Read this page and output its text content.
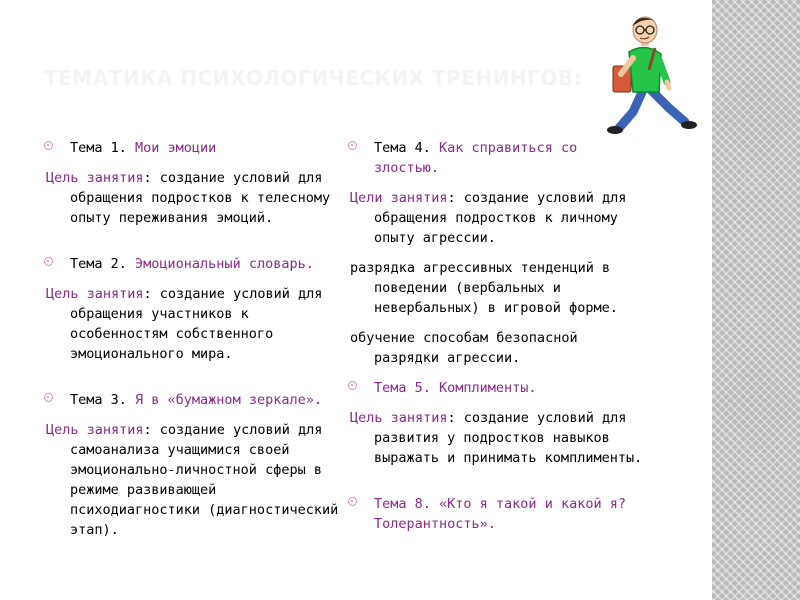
ТЕМАТИКА ПСИХОЛОГИЧЕСКИХ ТРЕНИНГОВ:

Тема 1. Мои эмоции

Цель занятия: создание условий для обращения подростков к телесному опыту переживания эмоций.

Тема 2. Эмоциональный словарь.

Цель занятия: создание условий для обращения участников к особенностям собственного эмоционального мира.

Тема 3. Я в «бумажном зеркале».

Цель занятия: создание условий для самоанализа учащимися своей эмоционально-личностной сферы в режиме развивающей психодиагностики (диагностический этап).

Тема 4. Как справиться со злостью.

Цели занятия: создание условий для обращения подростков к личному опыту агрессии.

разрядка агрессивных тенденций в поведении (вербальных и невербальных) в игровой форме.

обучение способам безопасной разрядки агрессии.

Тема 5. Комплименты.

Цель занятия: создание условий для развития у подростков навыков выражать и принимать комплименты.

Тема 8. «Кто я такой и какой я? Толерантность».
